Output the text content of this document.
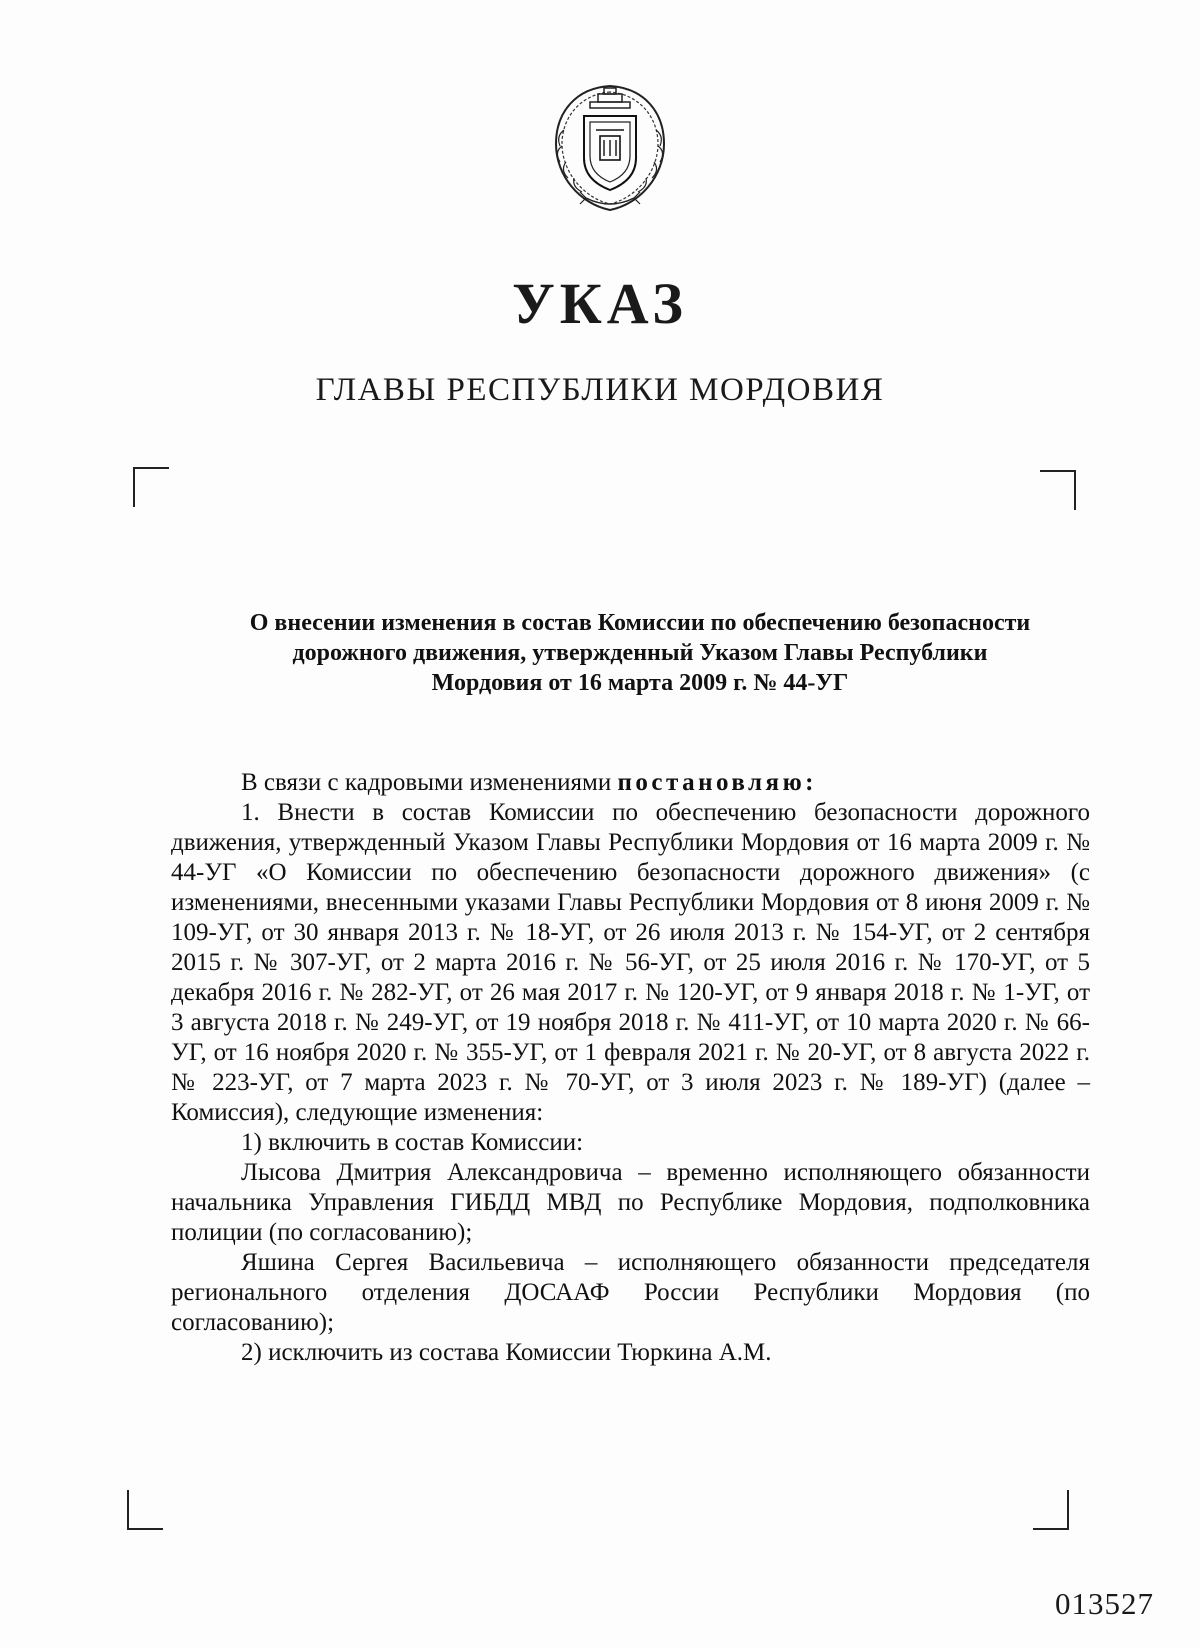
УКАЗ
ГЛАВЫ РЕСПУБЛИКИ МОРДОВИЯ
О внесении изменения в состав Комиссии по обеспечению безопасности
дорожного движения, утвержденный Указом Главы Республики
Мордовия от 16 марта 2009 г. № 44-УГ

В связи с кадровыми изменениями постановляю:

1. Внести в состав Комиссии по обеспечению безопасности дорожного движения, утвержденный Указом Главы Республики Мордовия от 16 марта 2009 г. № 44-УГ «О Комиссии по обеспечению безопасности дорожного движения» (с изменениями, внесенными указами Главы Республики Мордовия от 8 июня 2009 г. № 109-УГ, от 30 января 2013 г. № 18-УГ, от 26 июля 2013 г. № 154-УГ, от 2 сентября 2015 г. № 307-УГ, от 2 марта 2016 г. № 56-УГ, от 25 июля 2016 г. № 170-УГ, от 5 декабря 2016 г. № 282-УГ, от 26 мая 2017 г. № 120-УГ, от 9 января 2018 г. № 1-УГ, от 3 августа 2018 г. № 249-УГ, от 19 ноября 2018 г. № 411-УГ, от 10 марта 2020 г. № 66-УГ, от 16 ноября 2020 г. № 355-УГ, от 1 февраля 2021 г. № 20-УГ, от 8 августа 2022 г. № 223-УГ, от 7 марта 2023 г. № 70-УГ, от 3 июля 2023 г. № 189-УГ) (далее – Комиссия), следующие изменения:

1) включить в состав Комиссии:

Лысова Дмитрия Александровича – временно исполняющего обязанности начальника Управления ГИБДД МВД по Республике Мордовия, подполковника полиции (по согласованию);

Яшина Сергея Васильевича – исполняющего обязанности председателя регионального отделения ДОСААФ России Республики Мордовия (по согласованию);

2) исключить из состава Комиссии Тюркина А.М.

013527
